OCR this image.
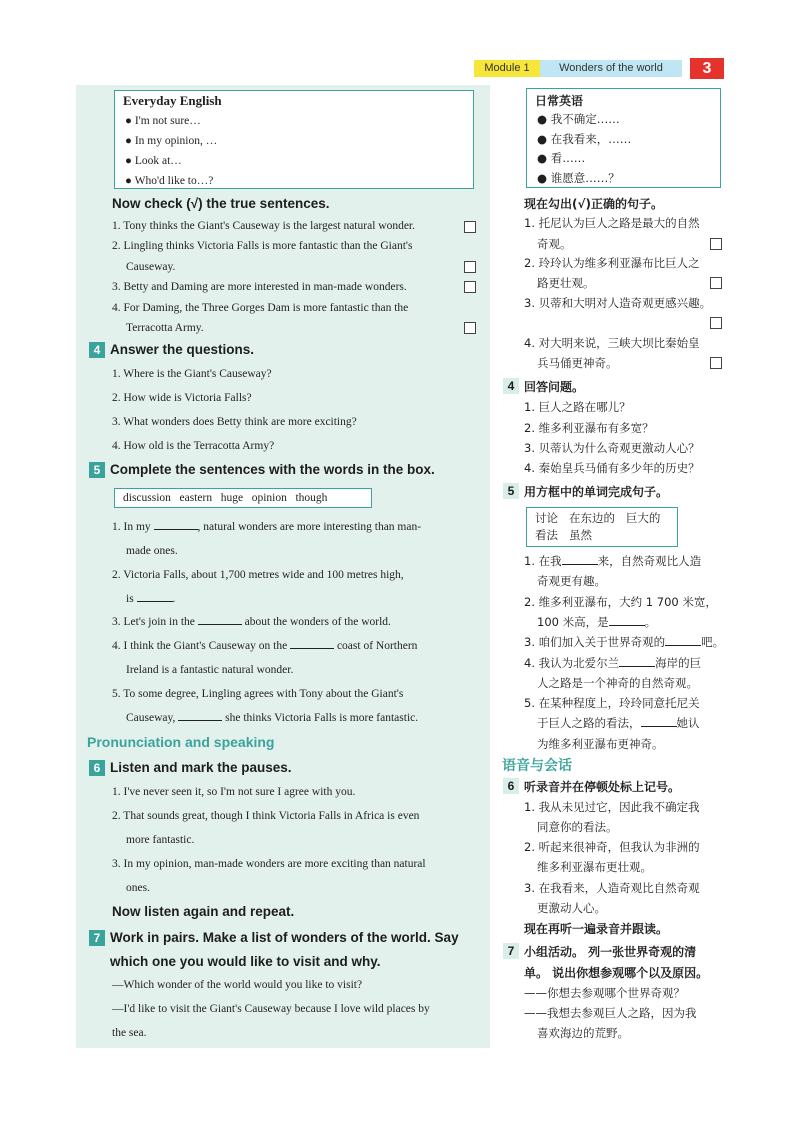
Module 1	Wonders of the world	3
Everyday English
● I'm not sure…
● In my opinion, …
● Look at…
● Who'd like to…?
Now check (√) the true sentences.
1. Tony thinks the Giant's Causeway is the largest natural wonder.
2. Lingling thinks Victoria Falls is more fantastic than the Giant's
Causeway.
3. Betty and Daming are more interested in man-made wonders.
4. For Daming, the Three Gorges Dam is more fantastic than the
Terracotta Army.
4 Answer the questions.
1. Where is the Giant's Causeway?
2. How wide is Victoria Falls?
3. What wonders does Betty think are more exciting?
4. How old is the Terracotta Army?
5 Complete the sentences with the words in the box.
discussion   eastern   huge   opinion   though
1. In my	, natural wonders are more interesting than man-
made ones.
2. Victoria Falls, about 1,700 metres wide and 100 metres high,
is	.
3. Let's join in the	about the wonders of the world.
4. I think the Giant's Causeway on the	coast of Northern
Ireland is a fantastic natural wonder.
5. To some degree, Lingling agrees with Tony about the Giant's
Causeway,	she thinks Victoria Falls is more fantastic.
Pronunciation and speaking
6 Listen and mark the pauses.
1. I've never seen it, so I'm not sure I agree with you.
2. That sounds great, though I think Victoria Falls in Africa is even
more fantastic.
3. In my opinion, man-made wonders are more exciting than natural
ones.
Now listen again and repeat.
7 Work in pairs. Make a list of wonders of the world. Say
which one you would like to visit and why.
—Which wonder of the world would you like to visit?
—I'd like to visit the Giant's Causeway because I love wild places by
the sea.
日常英语
● 我不确定……
● 在我看来，……
● 看……
● 谁愿意……？
现在勾出(√)正确的句子。
1. 托尼认为巨人之路是最大的自然
奇观。
2. 玲玲认为维多利亚瀑布比巨人之
路更壮观。
3. 贝蒂和大明对人造奇观更感兴趣。
4. 对大明来说，三峡大坝比秦始皇
兵马俑更神奇。
4 回答问题。
1. 巨人之路在哪儿？
2. 维多利亚瀑布有多宽？
3. 贝蒂认为什么奇观更激动人心？
4. 秦始皇兵马俑有多少年的历史？
5 用方框中的单词完成句子。
讨论   在东边的   巨大的
看法   虽然
1. 在我	来，自然奇观比人造
奇观更有趣。
2. 维多利亚瀑布，大约 1 700 米宽，
100 米高，是	。
3. 咱们加入关于世界奇观的	吧。
4. 我认为北爱尔兰	海岸的巨
人之路是一个神奇的自然奇观。
5. 在某种程度上，玲玲同意托尼关
于巨人之路的看法，	她认
为维多利亚瀑布更神奇。
语音与会话
6 听录音并在停顿处标上记号。
1. 我从未见过它，因此我不确定我
同意你的看法。
2. 听起来很神奇，但我认为非洲的
维多利亚瀑布更壮观。
3. 在我看来，人造奇观比自然奇观
更激动人心。
现在再听一遍录音并跟读。
7 小组活动。 列一张世界奇观的清
单。 说出你想参观哪个以及原因。
——你想去参观哪个世界奇观？
——我想去参观巨人之路，因为我
喜欢海边的荒野。
